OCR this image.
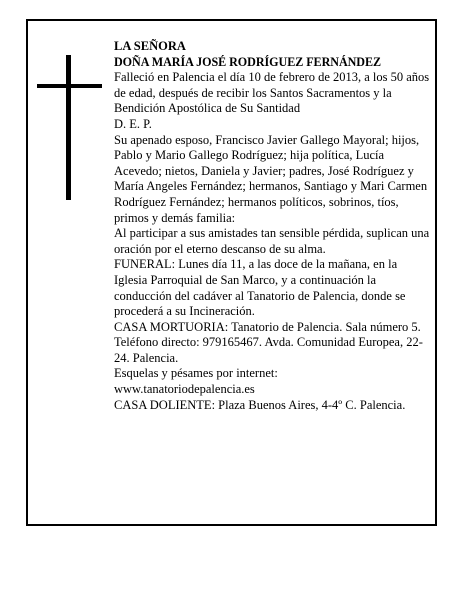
LA SEÑORA

DOÑA MARÍA JOSÉ RODRÍGUEZ FERNÁNDEZ

Falleció en Palencia el día 10 de febrero de 2013, a los 50 años de edad, después de recibir los Santos Sacramentos y la Bendición Apostólica de Su Santidad

D. E. P.

Su apenado esposo, Francisco Javier Gallego Mayoral; hijos, Pablo y Mario Gallego Rodríguez; hija política, Lucía Acevedo; nietos, Daniela y Javier; padres, José Rodríguez y María Angeles Fernández; hermanos, Santiago y Mari Carmen Rodríguez Fernández; hermanos políticos, sobrinos, tíos, primos y demás familia:

Al participar a sus amistades tan sensible pérdida, suplican una oración por el eterno descanso de su alma.

FUNERAL: Lunes día 11, a las doce de la mañana, en la Iglesia Parroquial de San Marco, y a continuación la conducción del cadáver al Tanatorio de Palencia, donde se procederá a su Incineración.

CASA MORTUORIA: Tanatorio de Palencia. Sala número 5. Teléfono directo: 979165467. Avda. Comunidad Europea, 22-24. Palencia.

Esquelas y pésames por internet:

www.tanatoriodepalencia.es

CASA DOLIENTE: Plaza Buenos Aires, 4-4º C. Palencia.
